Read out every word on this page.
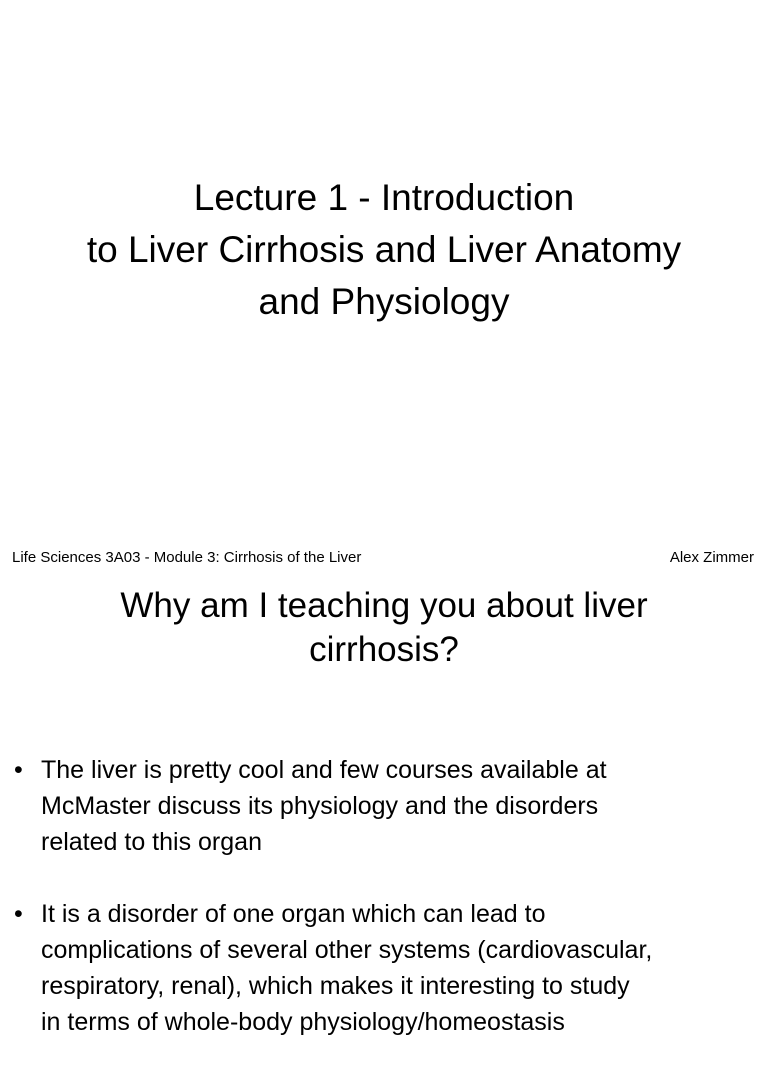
Lecture 1 - Introduction
to Liver Cirrhosis and Liver Anatomy
and Physiology
Life Sciences 3A03 - Module 3: Cirrhosis of the Liver	Alex Zimmer
Why am I teaching you about liver
cirrhosis?
• The liver is pretty cool and few courses available at
McMaster discuss its physiology and the disorders
related to this organ
• It is a disorder of one organ which can lead to
complications of several other systems (cardiovascular,
respiratory, renal), which makes it interesting to study
in terms of whole-body physiology/homeostasis
